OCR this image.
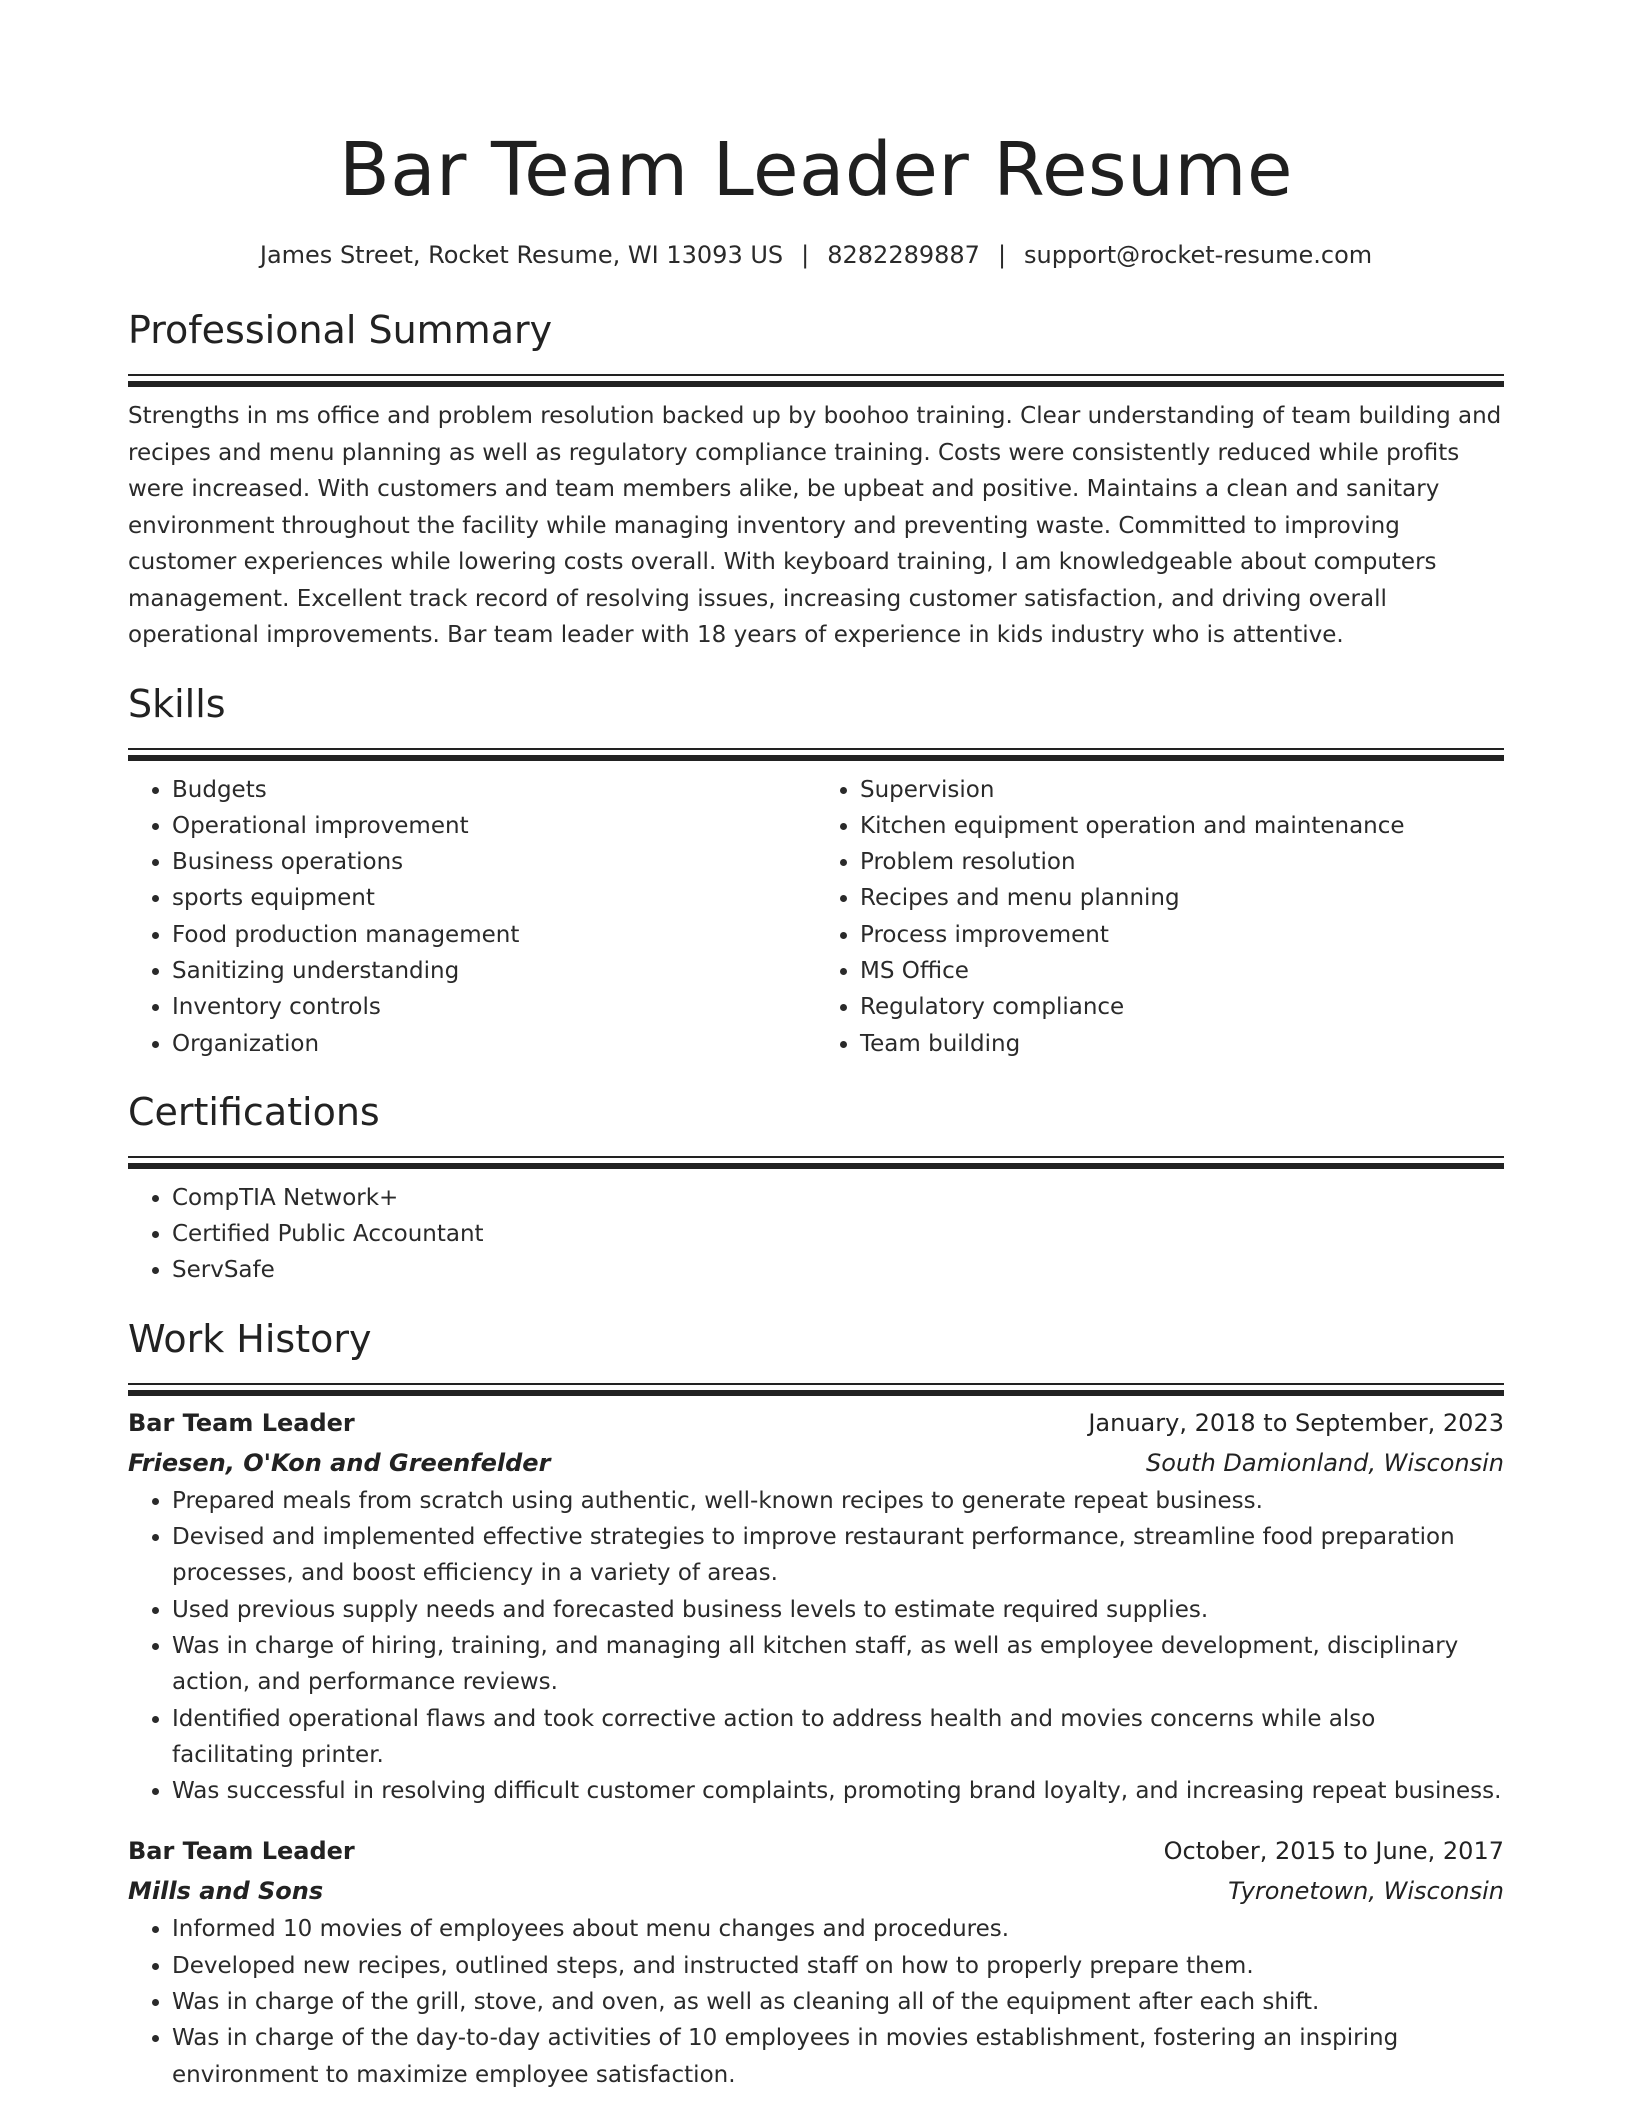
Bar Team Leader Resume
James Street, Rocket Resume, WI 13093 US | 8282289887 | support@rocket-resume.com
Professional Summary

Strengths in ms office and problem resolution backed up by boohoo training. Clear understanding of team building and recipes and menu planning as well as regulatory compliance training. Costs were consistently reduced while profits were increased. With customers and team members alike, be upbeat and positive. Maintains a clean and sanitary environment throughout the facility while managing inventory and preventing waste. Committed to improving customer experiences while lowering costs overall. With keyboard training, I am knowledgeable about computers management. Excellent track record of resolving issues, increasing customer satisfaction, and driving overall operational improvements. Bar team leader with 18 years of experience in kids industry who is attentive.

Skills
• Budgets
• Operational improvement
• Business operations
• sports equipment
• Food production management
• Sanitizing understanding
• Inventory controls
• Organization
• Supervision
• Kitchen equipment operation and maintenance
• Problem resolution
• Recipes and menu planning
• Process improvement
• MS Office
• Regulatory compliance
• Team building
Certifications
• CompTIA Network+
• Certified Public Accountant
• ServSafe
Work History
Bar Team Leader	January, 2018 to September, 2023
Friesen, O'Kon and Greenfelder	South Damionland, Wisconsin
• Prepared meals from scratch using authentic, well-known recipes to generate repeat business.
• Devised and implemented effective strategies to improve restaurant performance, streamline food preparation processes, and boost efficiency in a variety of areas.
• Used previous supply needs and forecasted business levels to estimate required supplies.
• Was in charge of hiring, training, and managing all kitchen staff, as well as employee development, disciplinary action, and performance reviews.
• Identified operational flaws and took corrective action to address health and movies concerns while also facilitating printer.
• Was successful in resolving difficult customer complaints, promoting brand loyalty, and increasing repeat business.
Bar Team Leader	October, 2015 to June, 2017
Mills and Sons	Tyronetown, Wisconsin
• Informed 10 movies of employees about menu changes and procedures.
• Developed new recipes, outlined steps, and instructed staff on how to properly prepare them.
• Was in charge of the grill, stove, and oven, as well as cleaning all of the equipment after each shift.
• Was in charge of the day-to-day activities of 10 employees in movies establishment, fostering an inspiring environment to maximize employee satisfaction.
